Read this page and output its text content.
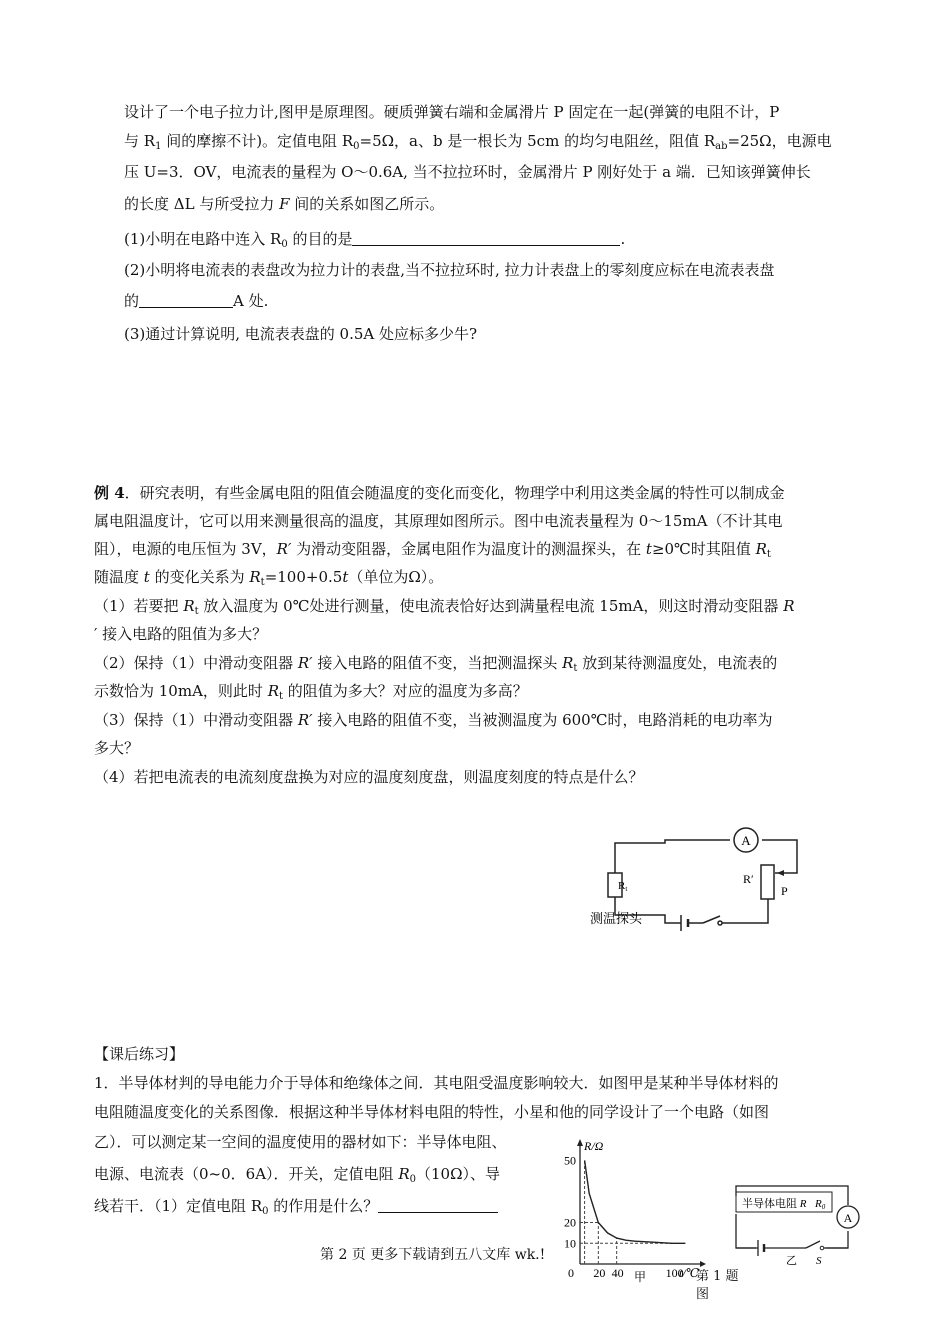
设计了一个电子拉力计,图甲是原理图。硬质弹簧右端和金属滑片 P 固定在一起(弹簧的电阻不计，P
与 $R_1$ 间的摩擦不计)。定值电阻 $R_0=5\Omega$，a、b 是一根长为 5cm 的均匀电阻丝，阻值 $R_{ab}=25\Omega$，电源电
压 U=3．OV，电流表的量程为 O～0.6A, 当不拉拉环时，金属滑片 P 刚好处于 a 端．已知该弹簧伸长
的长度 ΔL 与所受拉力 F 间的关系如图乙所示。
(1)小明在电路中连入 $R_0$ 的目的是	.
(2)小明将电流表的表盘改为拉力计的表盘,当不拉拉环时, 拉力计表盘上的零刻度应标在电流表表盘
的	A 处.
(3)通过计算说明, 电流表表盘的 0.5A 处应标多少牛?
例 4．研究表明，有些金属电阻的阻值会随温度的变化而变化，物理学中利用这类金属的特性可以制成金
属电阻温度计，它可以用来测量很高的温度，其原理如图所示。图中电流表量程为 0～15mA（不计其电
阻），电源的电压恒为 3V，R′ 为滑动变阻器，金属电阻作为温度计的测温探头，在 t≥0℃时其阻值 $R_t$
随温度 t 的变化关系为 $R_t=100+0.5t$（单位为Ω）。
（1）若要把 $R_t$ 放入温度为 0℃处进行测量，使电流表恰好达到满量程电流 15mA，则这时滑动变阻器 R
′ 接入电路的阻值为多大？
（2）保持（1）中滑动变阻器 R′ 接入电路的阻值不变，当把测温探头 $R_t$ 放到某待测温度处，电流表的
示数恰为 10mA，则此时 $R_t$ 的阻值为多大？对应的温度为多高？
（3）保持（1）中滑动变阻器 R′ 接入电路的阻值不变，当被测温度为 600℃时，电路消耗的电功率为
多大？
（4）若把电流表的电流刻度盘换为对应的温度刻度盘，则温度刻度的特点是什么？
A
Rt
R′
P
测温探头
【课后练习】
1．半导体材判的导电能力介于导体和绝缘体之间．其电阻受温度影响较大．如图甲是某种半导体材料的
电阻随温度变化的关系图像．根据这种半导体材料电阻的特性，小星和他的同学设计了一个电路（如图
乙）．可以测定某一空间的温度使用的器材如下：半导体电阻、
电源、电流表（0~0．6A）．开关，定值电阻 $R_0(10\Omega)$、导
线若干．（1）定值电阻 $R_0$ 的作用是什么？
R/Ω
0 20 40	100
t/℃
10
20
50
甲
A
半导体电阻 R R0
乙 S
第 1 题
图
第 2 页 更多下载请到五八文库 wk.!
